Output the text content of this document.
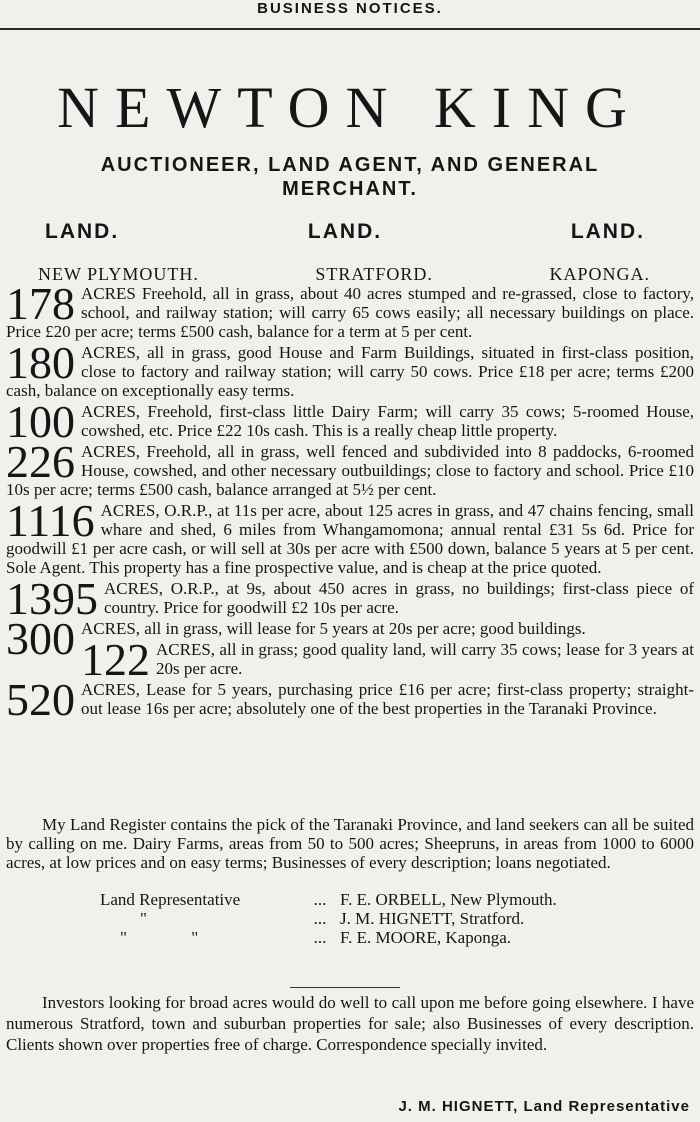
BUSINESS NOTICES.
NEWTON KING
AUCTIONEER, LAND AGENT, AND GENERAL
MERCHANT.
LAND.	LAND.	LAND.
NEW PLYMOUTH.	STRATFORD.	KAPONGA.
178 ACRES Freehold, all in grass, about 40 acres stumped and re-grassed, close to factory, school, and railway station; will carry 65 cows easily; all necessary buildings on place. Price £20 per acre; terms £500 cash, balance for a term at 5 per cent.
180 ACRES, all in grass, good House and Farm Buildings, situated in first-class position, close to factory and railway station; will carry 50 cows. Price £18 per acre; terms £200 cash, balance on exceptionally easy terms.
100 ACRES, Freehold, first-class little Dairy Farm; will carry 35 cows; 5-roomed House, cowshed, etc. Price £22 10s cash. This is a really cheap little property.
226 ACRES, Freehold, all in grass, well fenced and subdivided into 8 paddocks, 6-roomed House, cowshed, and other necessary outbuildings; close to factory and school. Price £10 10s per acre; terms £500 cash, balance arranged at 5½ per cent.
1116 ACRES, O.R.P., at 11s per acre, about 125 acres in grass, and 47 chains fencing, small whare and shed, 6 miles from Whangamomona; annual rental £31 5s 6d. Price for goodwill £1 per acre cash, or will sell at 30s per acre with £500 down, balance 5 years at 5 per cent. Sole Agent. This property has a fine prospective value, and is cheap at the price quoted.
1395 ACRES, O.R.P., at 9s, about 450 acres in grass, no buildings; first-class piece of country. Price for goodwill £2 10s per acre.
300 ACRES, all in grass, will lease for 5 years at 20s per acre; good buildings.
122 ACRES, all in grass; good quality land, will carry 35 cows; lease for 3 years at 20s per acre.
520 ACRES, Lease for 5 years, purchasing price £16 per acre; first-class property; straight-out lease 16s per acre; absolutely one of the best properties in the Taranaki Province.
My Land Register contains the pick of the Taranaki Province, and land seekers can all be suited by calling on me. Dairy Farms, areas from 50 to 500 acres; Sheepruns, in areas from 1000 to 6000 acres, at low prices and on easy terms; Businesses of every description; loans negotiated.
Land Representative	... F. E. ORBELL, New Plymouth.
"	... J. M. HIGNETT, Stratford.
" "	... F. E. MOORE, Kaponga.
Investors looking for broad acres would do well to call upon me before going elsewhere. I have numerous Stratford, town and suburban properties for sale; also Businesses of every description. Clients shown over properties free of charge. Correspondence specially invited.
J. M. HIGNETT, Land Representative
